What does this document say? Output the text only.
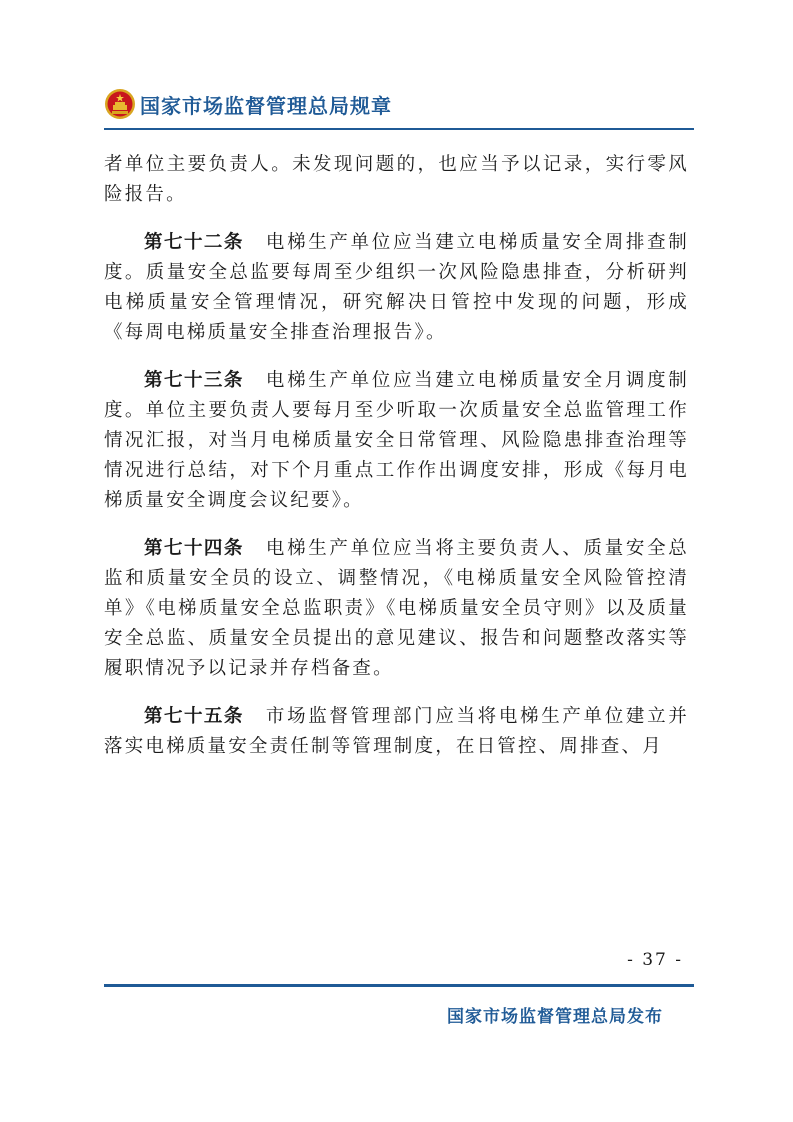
国家市场监督管理总局规章

者单位主要负责人。未发现问题的，也应当予以记录，实行零风险报告。

第七十二条 电梯生产单位应当建立电梯质量安全周排查制度。质量安全总监要每周至少组织一次风险隐患排查，分析研判电梯质量安全管理情况，研究解决日管控中发现的问题，形成《每周电梯质量安全排查治理报告》。

第七十三条 电梯生产单位应当建立电梯质量安全月调度制度。单位主要负责人要每月至少听取一次质量安全总监管理工作情况汇报，对当月电梯质量安全日常管理、风险隐患排查治理等情况进行总结，对下个月重点工作作出调度安排，形成《每月电梯质量安全调度会议纪要》。

第七十四条 电梯生产单位应当将主要负责人、质量安全总监和质量安全员的设立、调整情况，《电梯质量安全风险管控清单》《电梯质量安全总监职责》《电梯质量安全员守则》以及质量安全总监、质量安全员提出的意见建议、报告和问题整改落实等履职情况予以记录并存档备查。

第七十五条 市场监督管理部门应当将电梯生产单位建立并落实电梯质量安全责任制等管理制度，在日管控、周排查、月

- 37 -
国家市场监督管理总局发布
